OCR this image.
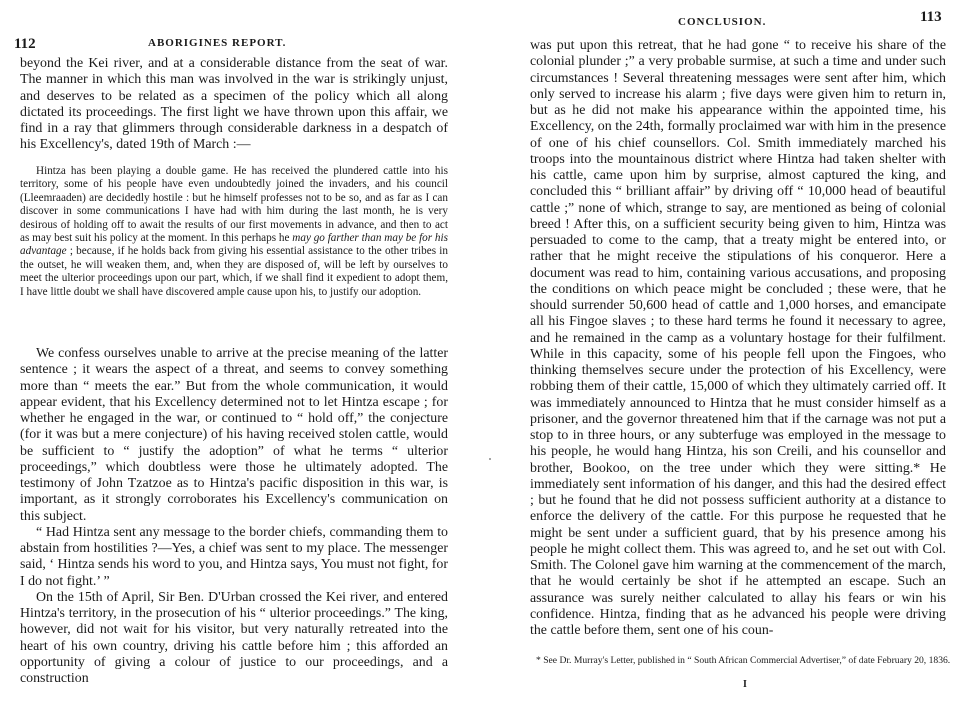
112	ABORIGINES REPORT.

beyond the Kei river, and at a considerable distance from the seat of war. The manner in which this man was involved in the war is strikingly unjust, and deserves to be related as a specimen of the policy which all along dictated its proceedings. The first light we have thrown upon this affair, we find in a ray that glimmers through considerable darkness in a despatch of his Excellency's, dated 19th of March :—

Hintza has been playing a double game. He has received the plundered cattle into his territory, some of his people have even undoubtedly joined the invaders, and his council (Lleemraaden) are decidedly hostile : but he himself professes not to be so, and as far as I can discover in some communications I have had with him during the last month, he is very desirous of holding off to await the results of our first movements in advance, and then to act as may best suit his policy at the moment. In this perhaps he may go farther than may be for his advantage ; because, if he holds back from giving his essential assistance to the other tribes in the outset, he will weaken them, and, when they are disposed of, will be left by ourselves to meet the ulterior proceedings upon our part, which, if we shall find it expedient to adopt them, I have little doubt we shall have discovered ample cause upon his, to justify our adoption.

We confess ourselves unable to arrive at the precise meaning of the latter sentence ; it wears the aspect of a threat, and seems to convey something more than “ meets the ear.” But from the whole communication, it would appear evident, that his Excellency determined not to let Hintza escape ; for whether he engaged in the war, or continued to “ hold off,” the conjecture (for it was but a mere conjecture) of his having received stolen cattle, would be sufficient to “ justify the adoption” of what he terms “ ulterior proceedings,” which doubtless were those he ultimately adopted. The testimony of John Tzatzoe as to Hintza's pacific disposition in this war, is important, as it strongly corroborates his Excellency's communication on this subject.

“ Had Hintza sent any message to the border chiefs, commanding them to abstain from hostilities ?—Yes, a chief was sent to my place. The messenger said, ‘ Hintza sends his word to you, and Hintza says, You must not fight, for I do not fight.’ ”

On the 15th of April, Sir Ben. D'Urban crossed the Kei river, and entered Hintza's territory, in the prosecution of his “ ulterior proceedings.” The king, however, did not wait for his visitor, but very naturally retreated into the heart of his own country, driving his cattle before him ; this afforded an opportunity of giving a colour of justice to our proceedings, and a construction

CONCLUSION.	113

was put upon this retreat, that he had gone “ to receive his share of the colonial plunder ;” a very probable surmise, at such a time and under such circumstances ! Several threatening messages were sent after him, which only served to increase his alarm ; five days were given him to return in, but as he did not make his appearance within the appointed time, his Excellency, on the 24th, formally proclaimed war with him in the presence of one of his chief counsellors. Col. Smith immediately marched his troops into the mountainous district where Hintza had taken shelter with his cattle, came upon him by surprise, almost captured the king, and concluded this “ brilliant affair” by driving off “ 10,000 head of beautiful cattle ;” none of which, strange to say, are mentioned as being of colonial breed ! After this, on a sufficient security being given to him, Hintza was persuaded to come to the camp, that a treaty might be entered into, or rather that he might receive the stipulations of his conqueror. Here a document was read to him, containing various accusations, and proposing the conditions on which peace might be concluded ; these were, that he should surrender 50,600 head of cattle and 1,000 horses, and emancipate all his Fingoe slaves ; to these hard terms he found it necessary to agree, and he remained in the camp as a voluntary hostage for their fulfilment. While in this capacity, some of his people fell upon the Fingoes, who thinking themselves secure under the protection of his Excellency, were robbing them of their cattle, 15,000 of which they ultimately carried off. It was immediately announced to Hintza that he must consider himself as a prisoner, and the governor threatened him that if the carnage was not put a stop to in three hours, or any subterfuge was employed in the message to his people, he would hang Hintza, his son Creili, and his counsellor and brother, Bookoo, on the tree under which they were sitting.* He immediately sent information of his danger, and this had the desired effect ; but he found that he did not possess sufficient authority at a distance to enforce the delivery of the cattle. For this purpose he requested that he might be sent under a sufficient guard, that by his presence among his people he might collect them. This was agreed to, and he set out with Col. Smith. The Colonel gave him warning at the commencement of the march, that he would certainly be shot if he attempted an escape. Such an assurance was surely neither calculated to allay his fears or win his confidence. Hintza, finding that as he advanced his people were driving the cattle before them, sent one of his coun-

* See Dr. Murray's Letter, published in “ South African Commercial Advertiser,” of date February 20, 1836.
I
